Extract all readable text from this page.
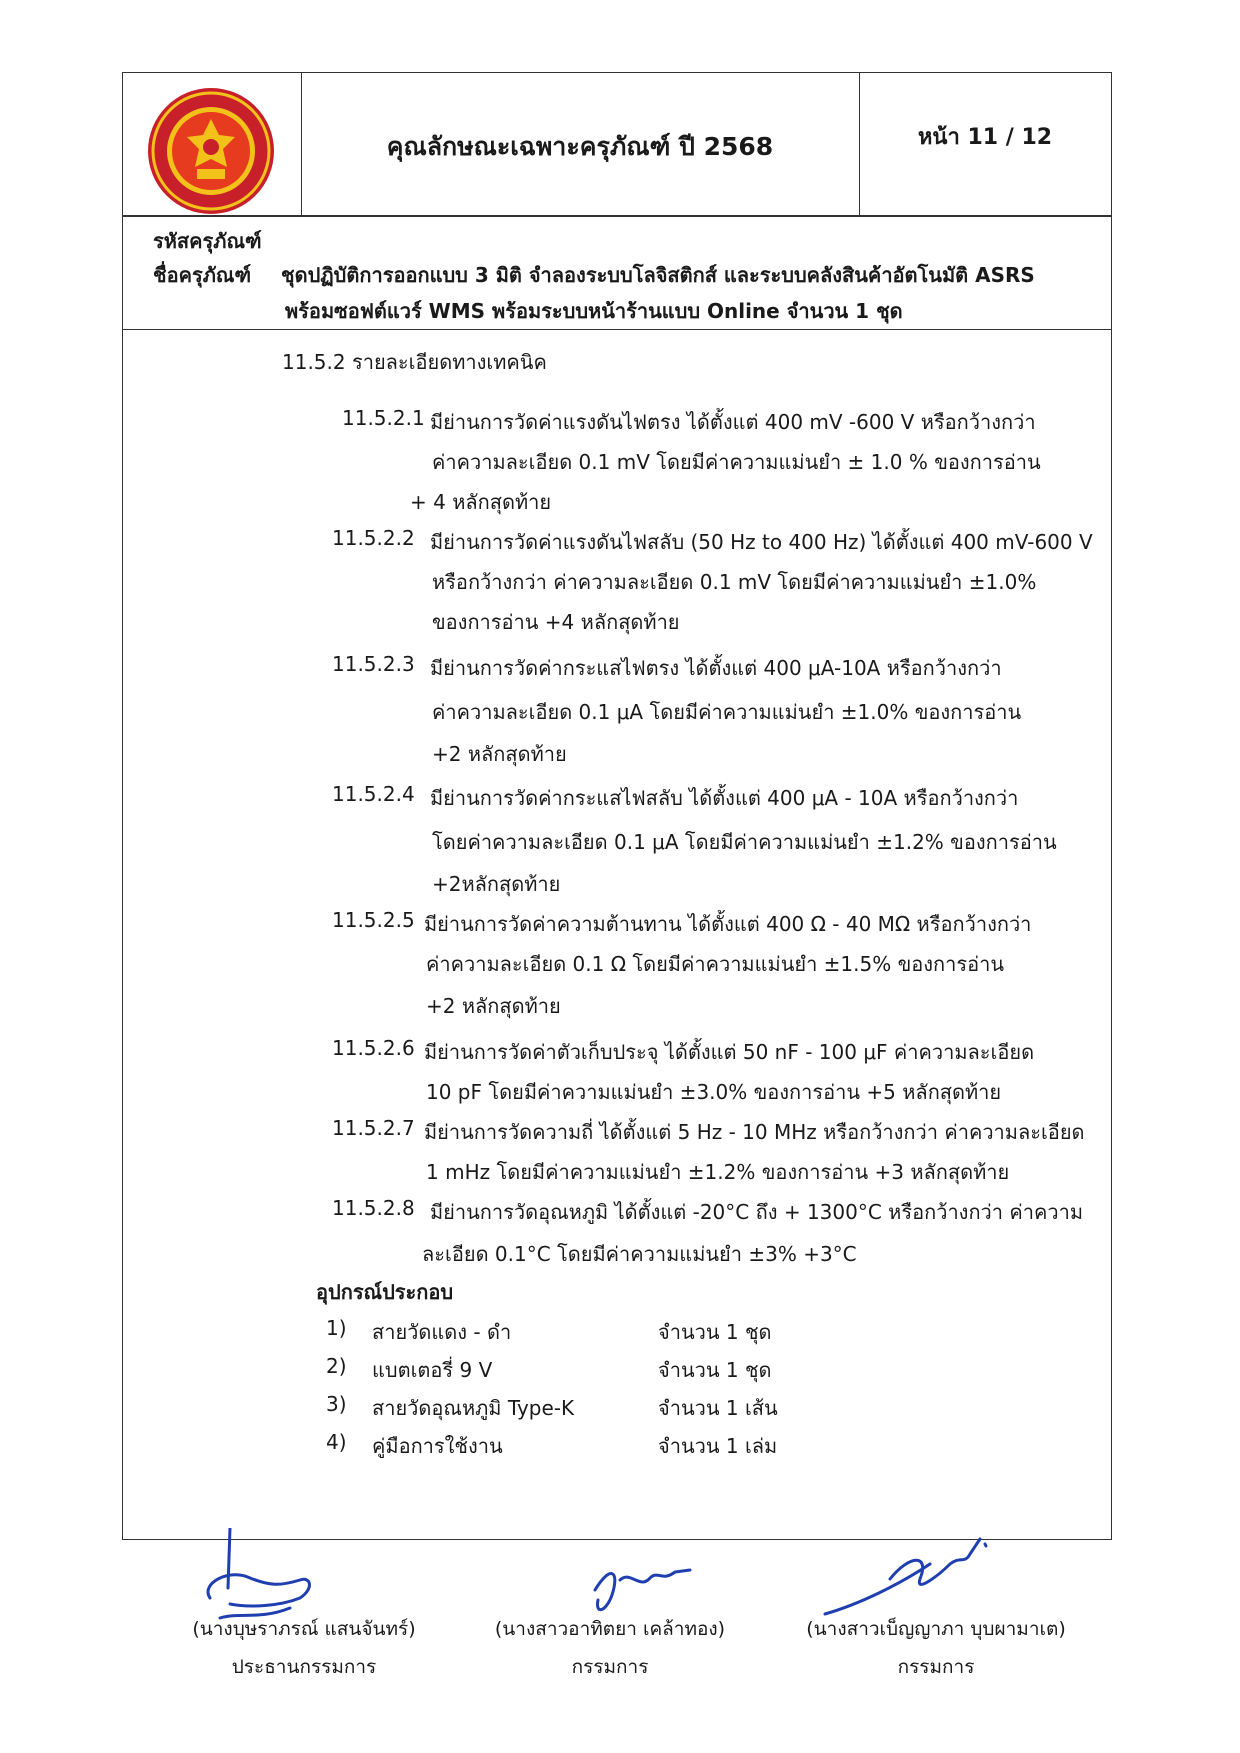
คุณลักษณะเฉพาะครุภัณฑ์ ปี 2568	หน้า 11 / 12
รหัสครุภัณฑ์
ชื่อครุภัณฑ์ ชุดปฏิบัติการออกแบบ 3 มิติ จำลองระบบโลจิสติกส์ และระบบคลังสินค้าอัตโนมัติ ASRS
พร้อมซอฟต์แวร์ WMS พร้อมระบบหน้าร้านแบบ Online จำนวน 1 ชุด
11.5.2 รายละเอียดทางเทคนิค
11.5.2.1 มีย่านการวัดค่าแรงดันไฟตรง ได้ตั้งแต่ 400 mV -600 V หรือกว้างกว่า
ค่าความละเอียด 0.1 mV โดยมีค่าความแม่นยำ ± 1.0 % ของการอ่าน
+ 4 หลักสุดท้าย
11.5.2.2 มีย่านการวัดค่าแรงดันไฟสลับ (50 Hz to 400 Hz) ได้ตั้งแต่ 400 mV-600 V
หรือกว้างกว่า ค่าความละเอียด 0.1 mV โดยมีค่าความแม่นยำ ±1.0%
ของการอ่าน +4 หลักสุดท้าย
11.5.2.3 มีย่านการวัดค่ากระแสไฟตรง ได้ตั้งแต่ 400 μA-10A หรือกว้างกว่า
ค่าความละเอียด 0.1 μA โดยมีค่าความแม่นยำ ±1.0% ของการอ่าน
+2 หลักสุดท้าย
11.5.2.4 มีย่านการวัดค่ากระแสไฟสลับ ได้ตั้งแต่ 400 μA - 10A หรือกว้างกว่า
โดยค่าความละเอียด 0.1 μA โดยมีค่าความแม่นยำ ±1.2% ของการอ่าน
+2หลักสุดท้าย
11.5.2.5 มีย่านการวัดค่าความต้านทาน ได้ตั้งแต่ 400 Ω - 40 MΩ หรือกว้างกว่า
ค่าความละเอียด 0.1 Ω โดยมีค่าความแม่นยำ ±1.5% ของการอ่าน
+2 หลักสุดท้าย
11.5.2.6 มีย่านการวัดค่าตัวเก็บประจุ ได้ตั้งแต่ 50 nF - 100 μF ค่าความละเอียด
10 pF โดยมีค่าความแม่นยำ ±3.0% ของการอ่าน +5 หลักสุดท้าย
11.5.2.7 มีย่านการวัดความถี่ ได้ตั้งแต่ 5 Hz - 10 MHz หรือกว้างกว่า ค่าความละเอียด
1 mHz โดยมีค่าความแม่นยำ ±1.2% ของการอ่าน +3 หลักสุดท้าย
11.5.2.8 มีย่านการวัดอุณหภูมิ ได้ตั้งแต่ -20°C ถึง + 1300°C หรือกว้างกว่า ค่าความ
ละเอียด 0.1°C โดยมีค่าความแม่นยำ ±3% +3°C
อุปกรณ์ประกอบ
1) สายวัดแดง - ดำ	จำนวน 1 ชุด
2) แบตเตอรี่ 9 V	จำนวน 1 ชุด
3) สายวัดอุณหภูมิ Type-K	จำนวน 1 เส้น
4) คู่มือการใช้งาน	จำนวน 1 เล่ม
(นางบุษราภรณ์ แสนจันทร์)
ประธานกรรมการ
(นางสาวอาทิตยา เคล้าทอง)
กรรมการ
(นางสาวเบ็ญญาภา บุบผามาเต)
กรรมการ
